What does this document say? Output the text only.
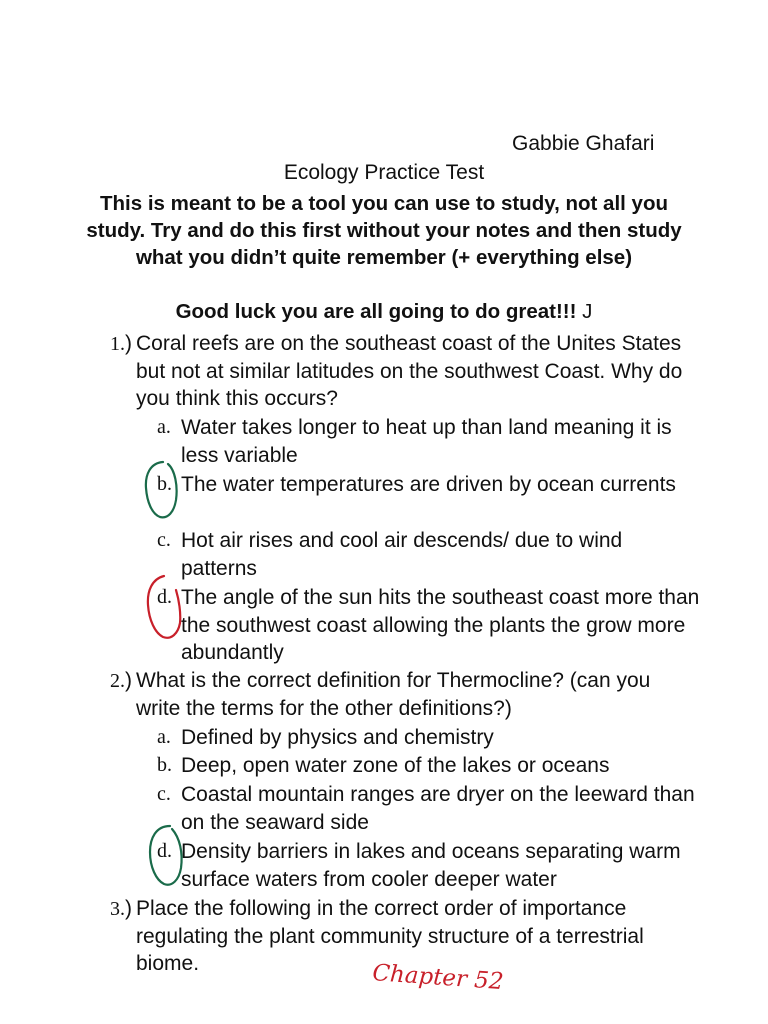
Gabbie Ghafari
Ecology Practice Test
This is meant to be a tool you can use to study, not all you study. Try and do this first without your notes and then study what you didn’t quite remember (+ everything else)
Good luck you are all going to do great!!! J
1.) Coral reefs are on the southeast coast of the Unites States but not at similar latitudes on the southwest Coast. Why do you think this occurs?
a. Water takes longer to heat up than land meaning it is less variable
b. The water temperatures are driven by ocean currents
c. Hot air rises and cool air descends/ due to wind patterns
d. The angle of the sun hits the southeast coast more than the southwest coast allowing the plants the grow more abundantly
2.) What is the correct definition for Thermocline? (can you write the terms for the other definitions?)
a. Defined by physics and chemistry
b. Deep, open water zone of the lakes or oceans
c. Coastal mountain ranges are dryer on the leeward than on the seaward side
d. Density barriers in lakes and oceans separating warm surface waters from cooler deeper water
3.) Place the following in the correct order of importance regulating the plant community structure of a terrestrial biome.	Chapter 52
